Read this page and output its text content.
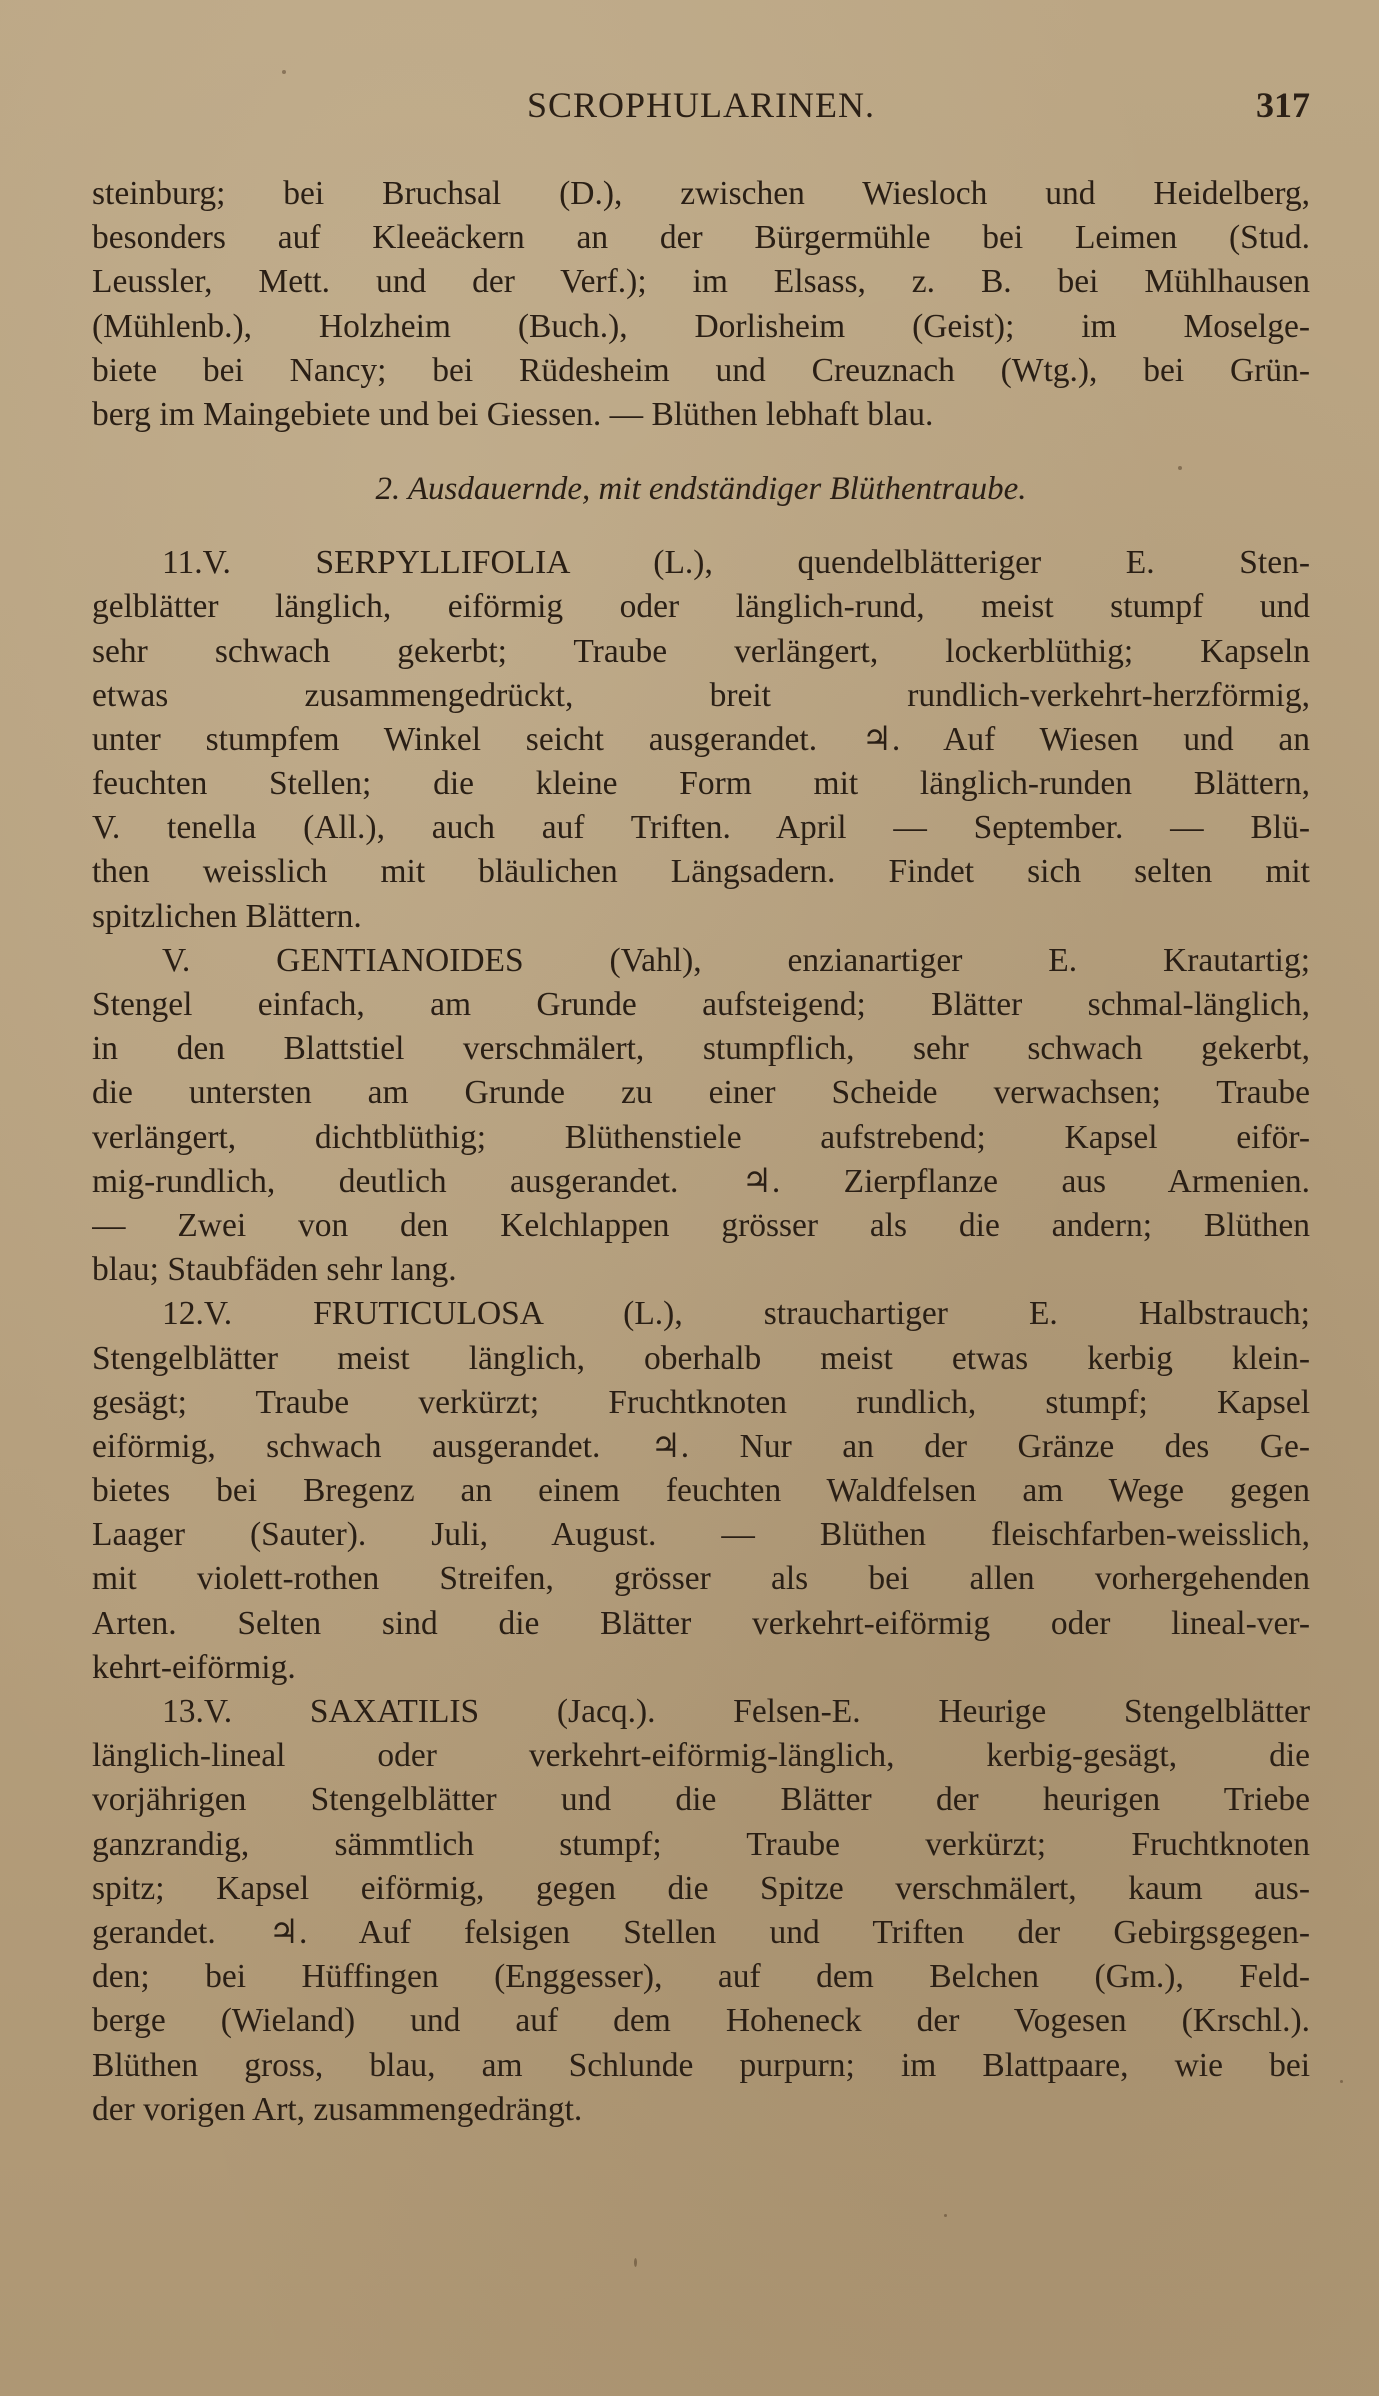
SCROPHULARINEN.	317
steinburg; bei Bruchsal (D.), zwischen Wiesloch und Heidelberg,
besonders auf Kleeäckern an der Bürgermühle bei Leimen (Stud.
Leussler, Mett. und der Verf.); im Elsass, z. B. bei Mühlhausen
(Mühlenb.), Holzheim (Buch.), Dorlisheim (Geist); im Moselge-
biete bei Nancy; bei Rüdesheim und Creuznach (Wtg.), bei Grün-
berg im Maingebiete und bei Giessen. — Blüthen lebhaft blau.
2. Ausdauernde, mit endständiger Blüthentraube.
11.V. SERPYLLIFOLIA (L.), quendelblätteriger E. Sten-
gelblätter länglich, eiförmig oder länglich-rund, meist stumpf und
sehr schwach gekerbt; Traube verlängert, lockerblüthig; Kapseln
etwas zusammengedrückt, breit rundlich-verkehrt-herzförmig,
unter stumpfem Winkel seicht ausgerandet. ♃. Auf Wiesen und an
feuchten Stellen; die kleine Form mit länglich-runden Blättern,
V. tenella (All.), auch auf Triften. April — September. — Blü-
then weisslich mit bläulichen Längsadern. Findet sich selten mit
spitzlichen Blättern.
V. GENTIANOIDES (Vahl), enzianartiger E. Krautartig;
Stengel einfach, am Grunde aufsteigend; Blätter schmal-länglich,
in den Blattstiel verschmälert, stumpflich, sehr schwach gekerbt,
die untersten am Grunde zu einer Scheide verwachsen; Traube
verlängert, dichtblüthig; Blüthenstiele aufstrebend; Kapsel eiför-
mig-rundlich, deutlich ausgerandet. ♃. Zierpflanze aus Armenien.
— Zwei von den Kelchlappen grösser als die andern; Blüthen
blau; Staubfäden sehr lang.
12.V. FRUTICULOSA (L.), strauchartiger E. Halbstrauch;
Stengelblätter meist länglich, oberhalb meist etwas kerbig klein-
gesägt; Traube verkürzt; Fruchtknoten rundlich, stumpf; Kapsel
eiförmig, schwach ausgerandet. ♃. Nur an der Gränze des Ge-
bietes bei Bregenz an einem feuchten Waldfelsen am Wege gegen
Laager (Sauter). Juli, August. — Blüthen fleischfarben-weisslich,
mit violett-rothen Streifen, grösser als bei allen vorhergehenden
Arten. Selten sind die Blätter verkehrt-eiförmig oder lineal-ver-
kehrt-eiförmig.
13.V. SAXATILIS (Jacq.). Felsen-E. Heurige Stengelblätter
länglich-lineal oder verkehrt-eiförmig-länglich, kerbig-gesägt, die
vorjährigen Stengelblätter und die Blätter der heurigen Triebe
ganzrandig, sämmtlich stumpf; Traube verkürzt; Fruchtknoten
spitz; Kapsel eiförmig, gegen die Spitze verschmälert, kaum aus-
gerandet. ♃. Auf felsigen Stellen und Triften der Gebirgsgegen-
den; bei Hüffingen (Enggesser), auf dem Belchen (Gm.), Feld-
berge (Wieland) und auf dem Hoheneck der Vogesen (Krschl.).
Blüthen gross, blau, am Schlunde purpurn; im Blattpaare, wie bei
der vorigen Art, zusammengedrängt.
